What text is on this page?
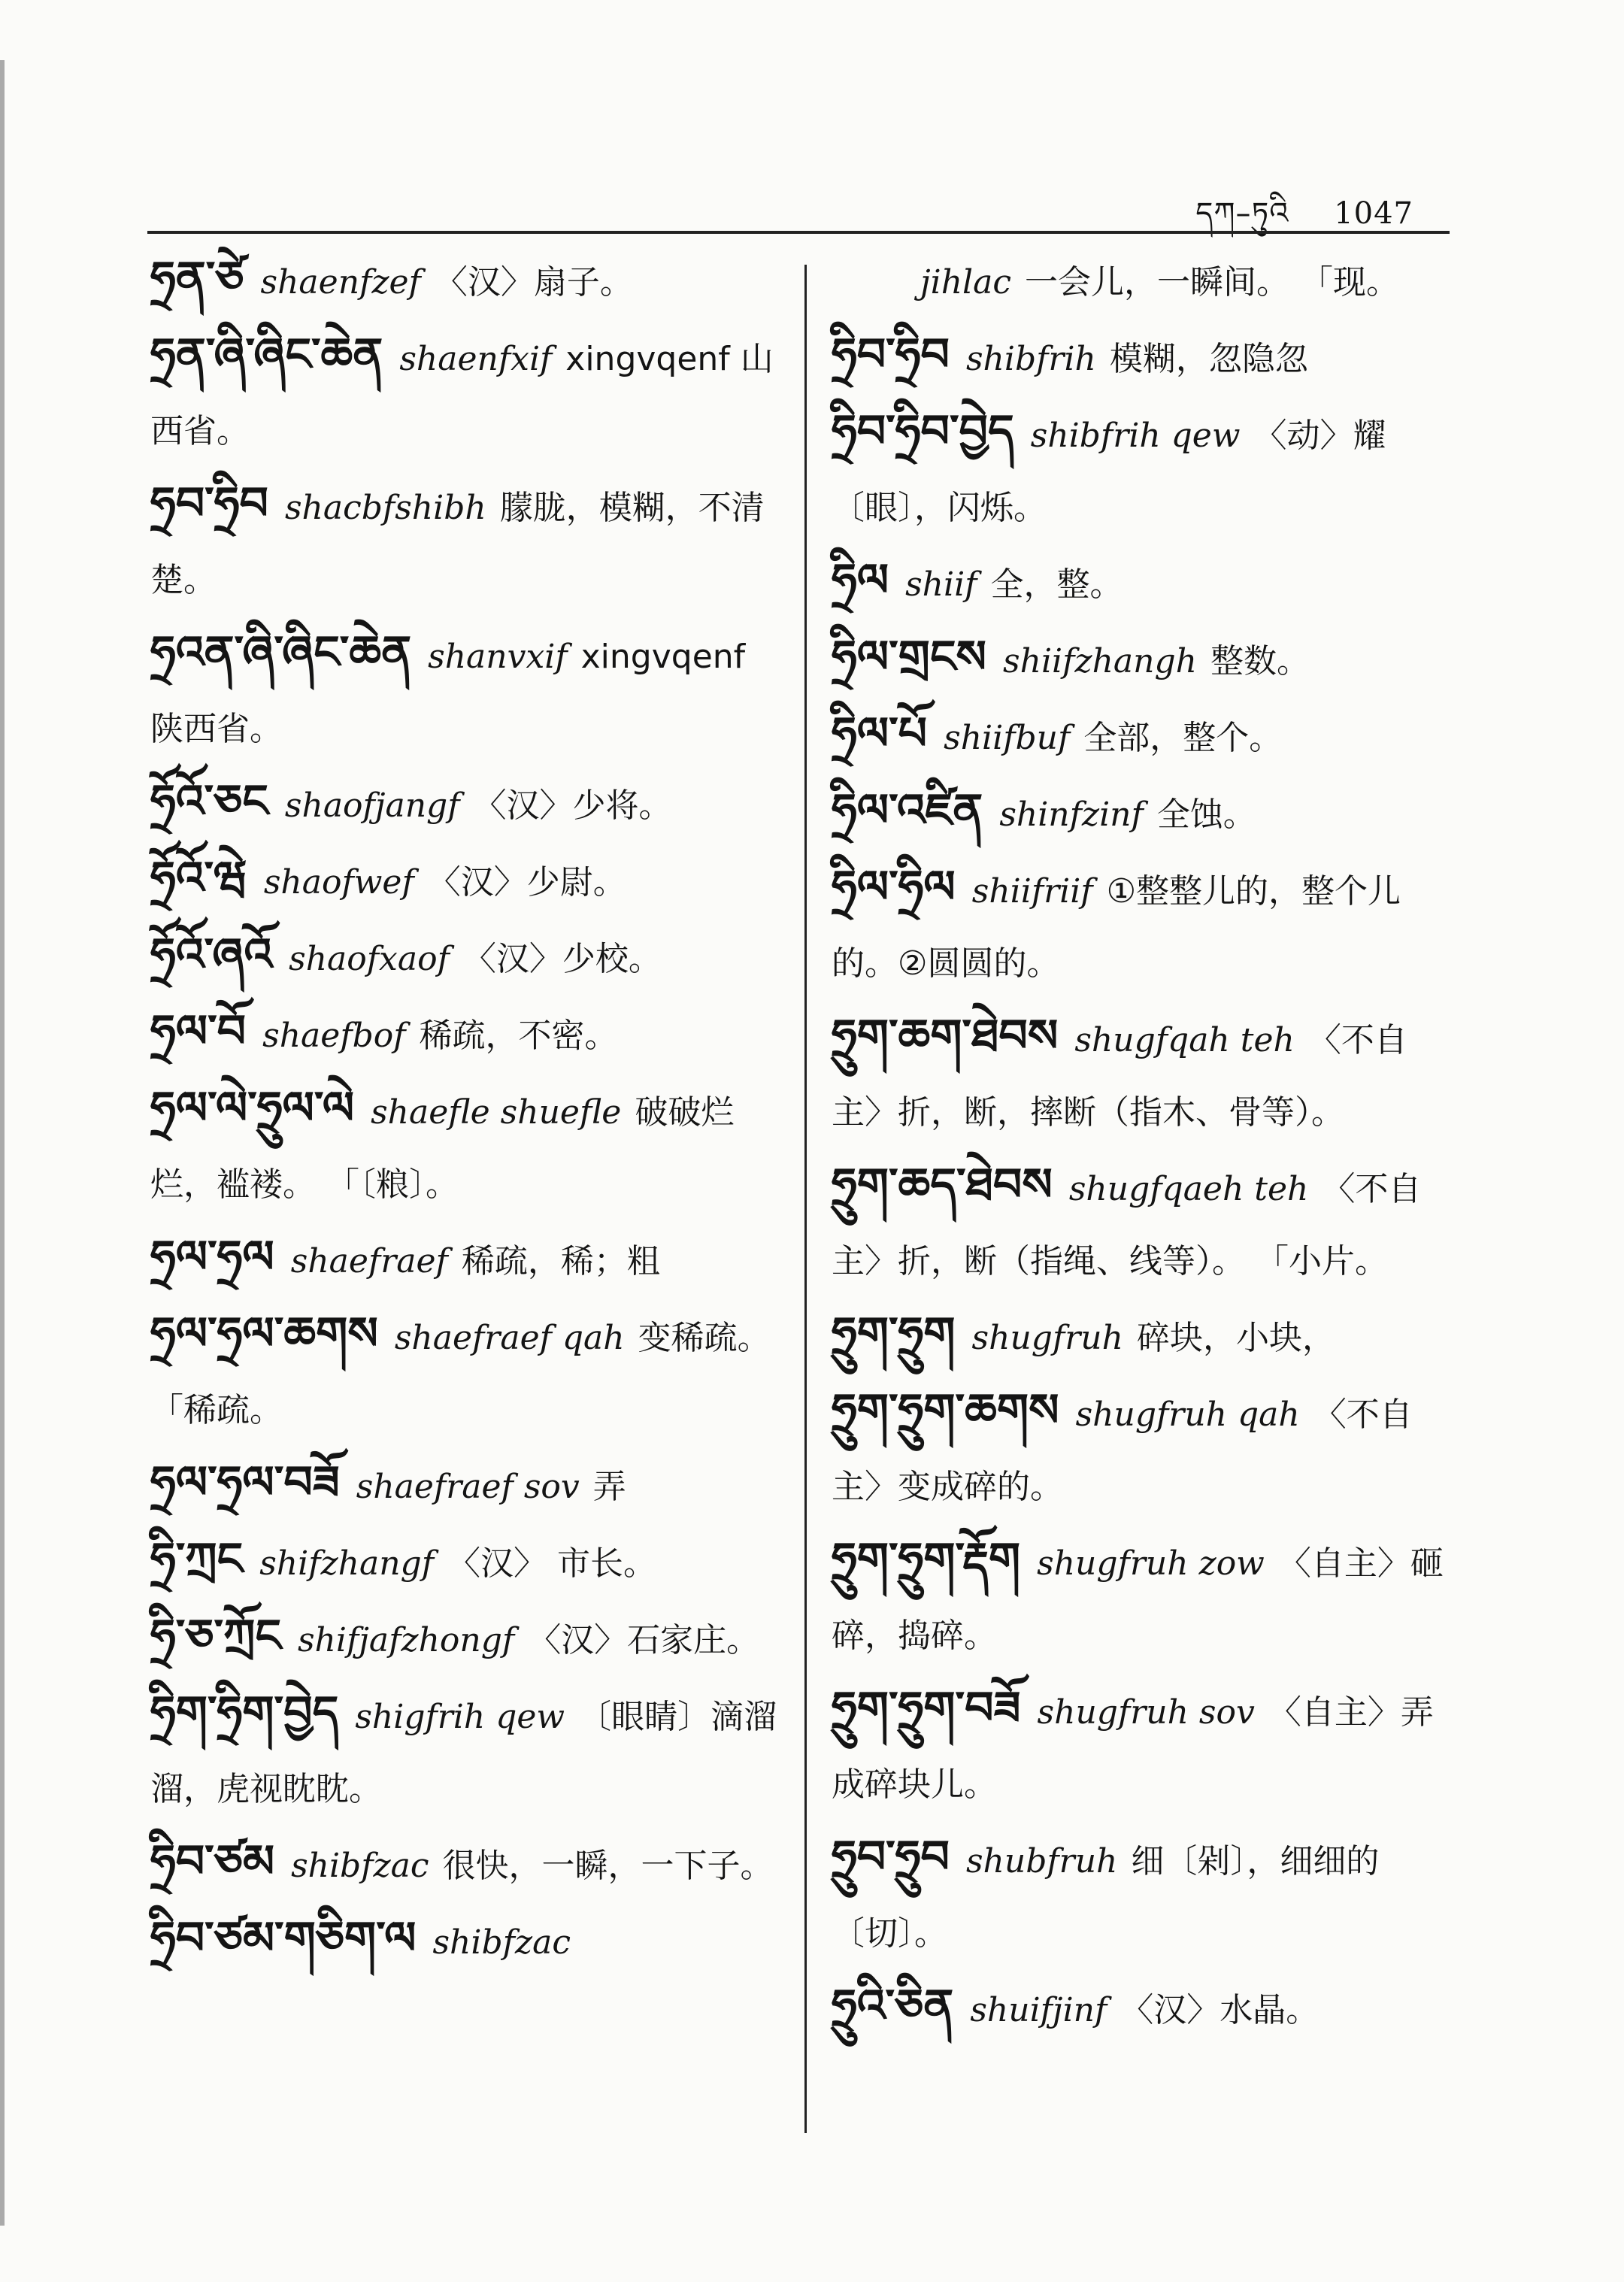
དཀ–ཏུའི 1047
ཧྲན་ཙེ shaenfzef 〈汉〉扇子。
ཧྲན་ཞི་ཞིང་ཆེན shaenfxif xingvqenf 山西省。
ཧྲབ་ཧྲིབ shacbfshibh 朦胧，模糊，不清楚。
ཧྲའན་ཞི་ཞིང་ཆེན shanvxif xingvqenf 陕西省。
ཧྲོའོ་ཅང shaofjangf 〈汉〉少将。
ཧྲོའོ་ཝེ shaofwef 〈汉〉少尉。
ཧྲོའོ་ཞའོ shaofxaof 〈汉〉少校。
ཧྲལ་བོ shaefbof 稀疏，不密。
ཧྲལ་ལེ་ཧྲུལ་ལེ shaefle shuefle 破破烂烂，褴褛。 「〔粮〕。
ཧྲལ་ཧྲལ shaefraef 稀疏，稀；粗
ཧྲལ་ཧྲལ་ཆགས shaefraef qah 变稀疏。 「稀疏。
ཧྲལ་ཧྲལ་བཟོ shaefraef sov 弄
ཧྲི་ཀྲང shifzhangf 〈汉〉 市长。
ཧྲི་ཅ་ཀྲོང shifjafzhongf 〈汉〉石家庄。
ཧྲིག་ཧྲིག་བྱེད shigfrih qew 〔眼睛〕滴溜溜，虎视眈眈。
ཧྲིབ་ཙམ shibfzac 很快，一瞬，一下子。
ཧྲིབ་ཙམ་གཅིག་ལ shibfzac
jihlac 一会儿，一瞬间。 「现。
ཧྲིབ་ཧྲིབ shibfrih 模糊，忽隐忽
ཧྲིབ་ཧྲིབ་བྱེད shibfrih qew 〈动〉耀〔眼〕，闪烁。
ཧྲིལ shiif 全，整。
ཧྲིལ་གྲངས shiifzhangh 整数。
ཧྲིལ་པོ shiifbuf 全部，整个。
ཧྲིལ་འཛིན shinfzinf 全蚀。
ཧྲིལ་ཧྲིལ shiifriif ①整整儿的，整个儿的。②圆圆的。
ཧྲུག་ཆག་ཐེབས shugfqah teh 〈不自主〉折，断，摔断（指木、骨等）。
ཧྲུག་ཆད་ཐེབས shugfqaeh teh 〈不自主〉折，断（指绳、线等）。 「小片。
ཧྲུག་ཧྲུག shugfruh 碎块，小块，
ཧྲུག་ཧྲུག་ཆགས shugfruh qah 〈不自主〉变成碎的。
ཧྲུག་ཧྲུག་རྡོག shugfruh zow 〈自主〉砸碎，捣碎。
ཧྲུག་ཧྲུག་བཟོ shugfruh sov 〈自主〉弄成碎块儿。
ཧྲུབ་ཧྲུབ shubfruh 细〔剁〕，细细的〔切〕。
ཧྲུའི་ཅིན shuifjinf 〈汉〉水晶。
